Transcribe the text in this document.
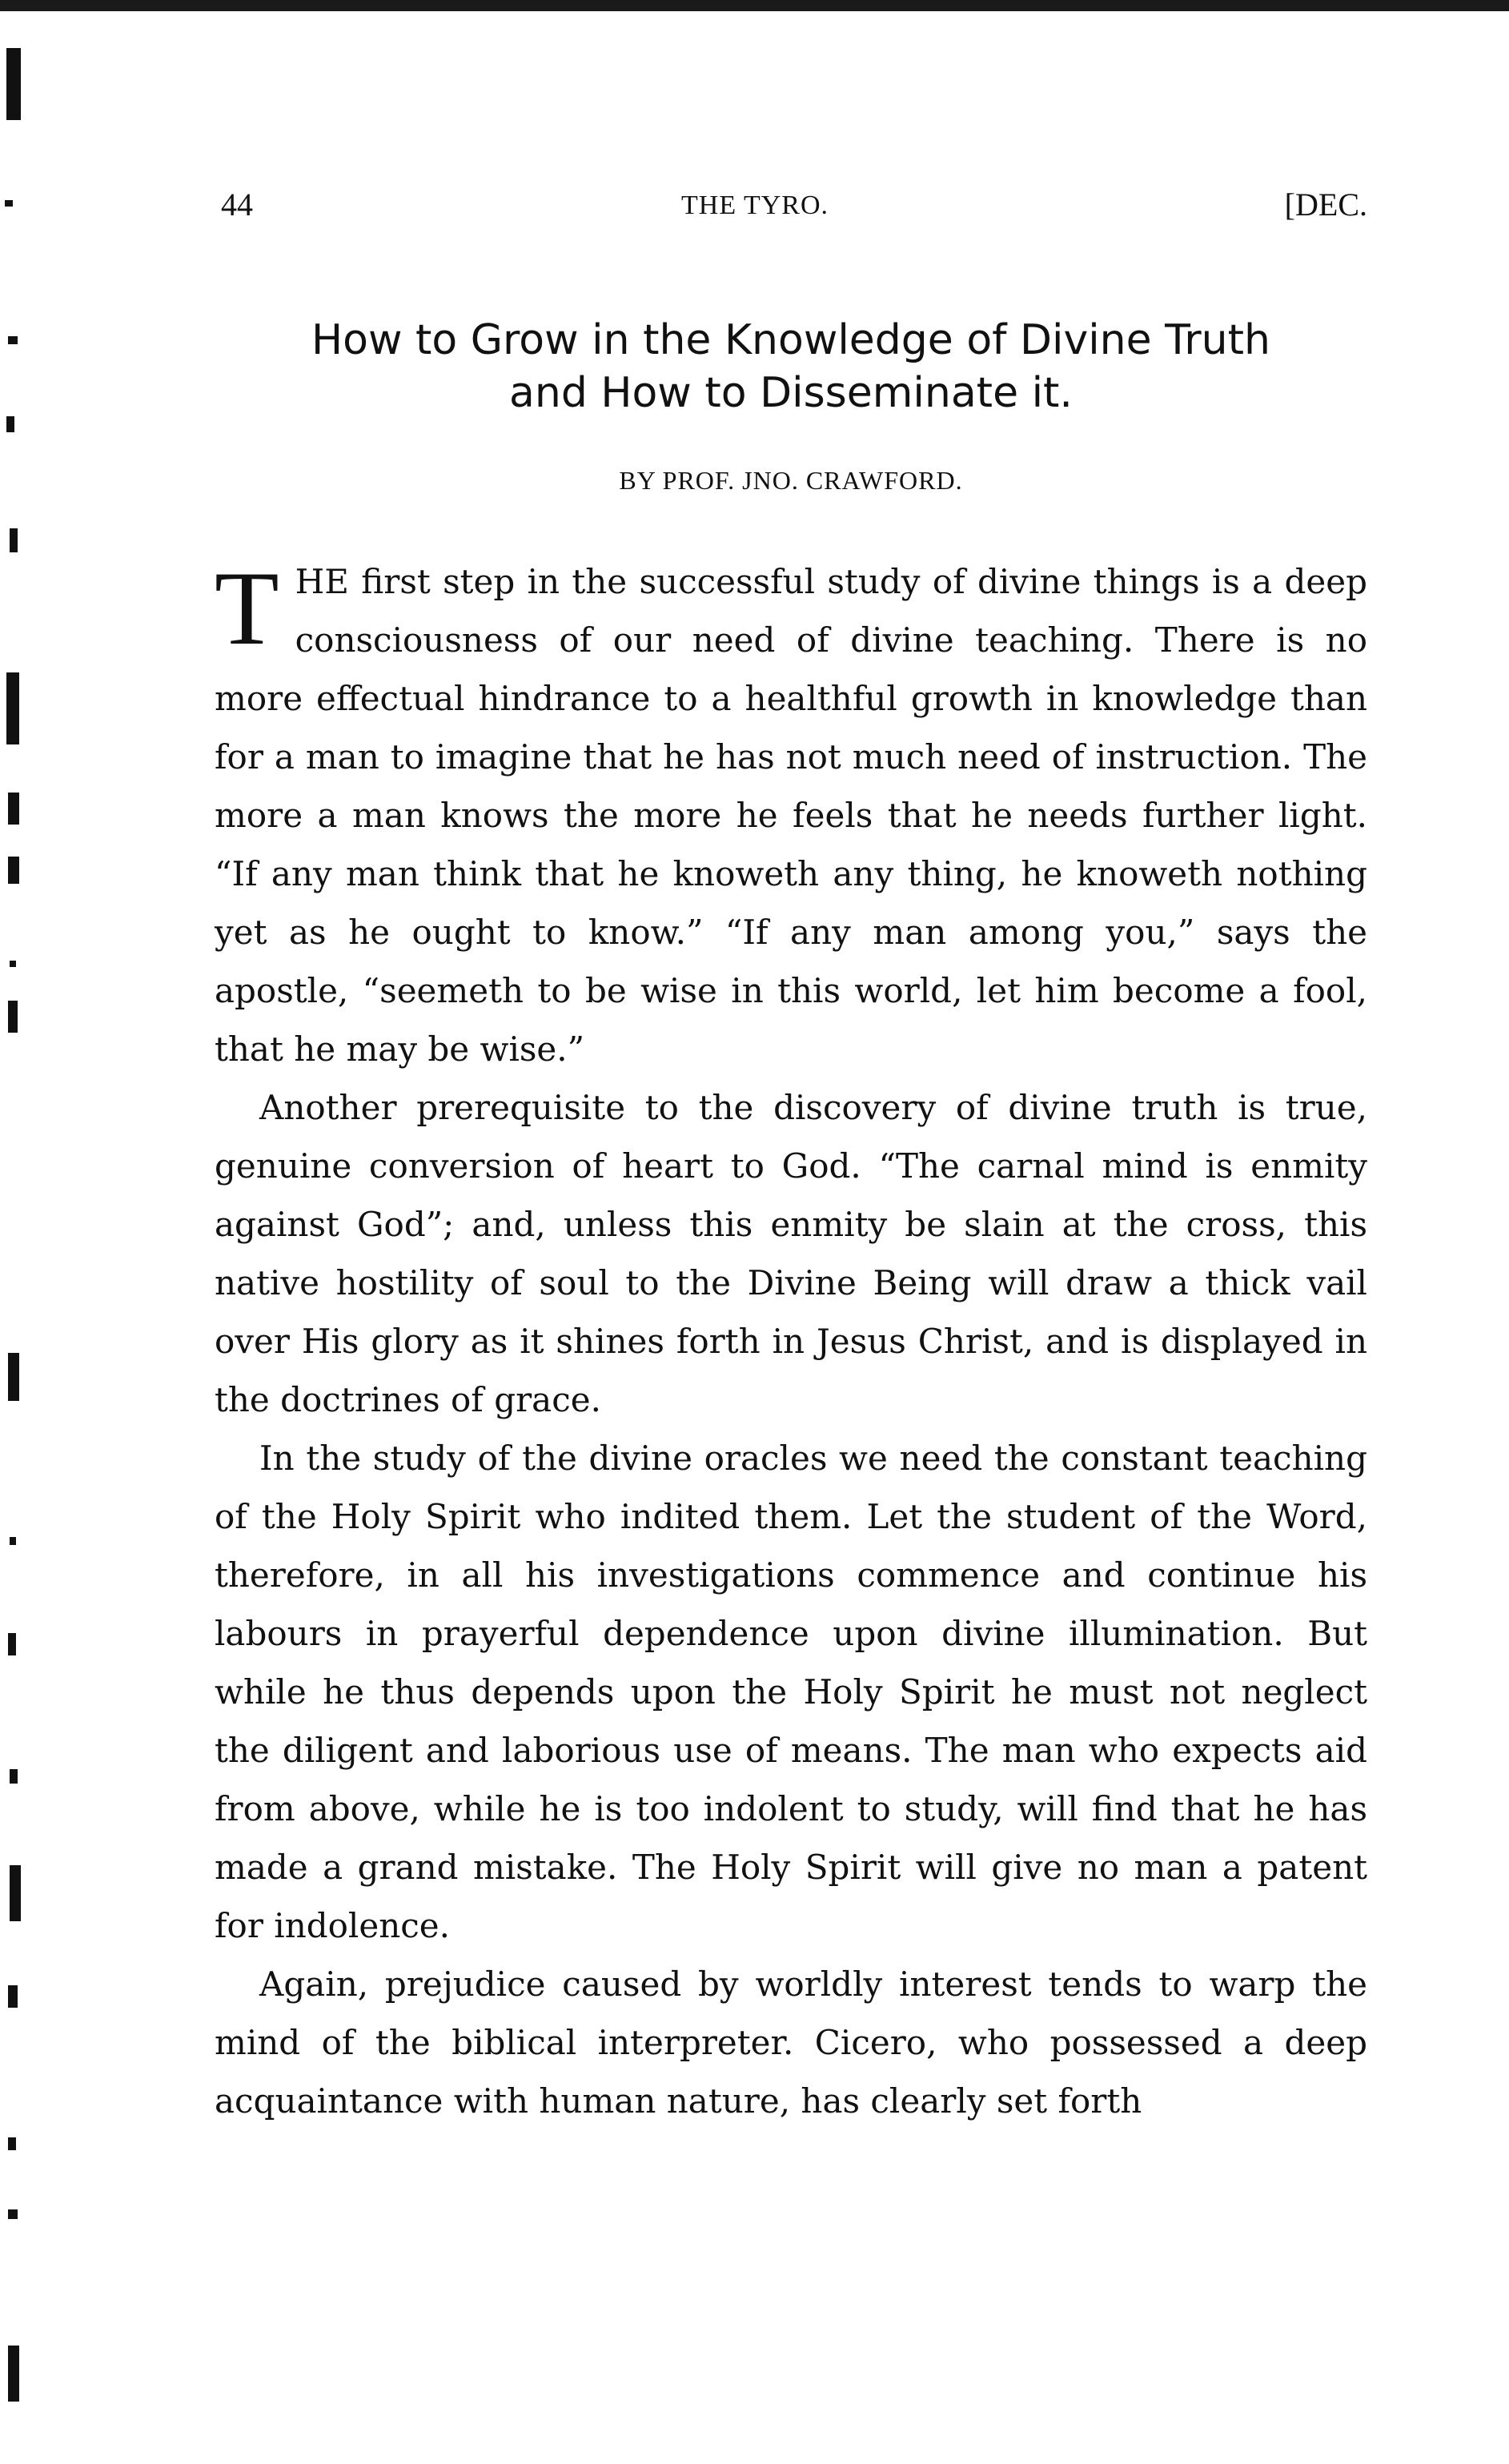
44	THE TYRO.	[DEC.
How to Grow in the Knowledge of Divine Truth
and How to Disseminate it.
BY PROF. JNO. CRAWFORD.

THE first step in the successful study of divine things is a deep consciousness of our need of divine teaching. There is no more effectual hindrance to a healthful growth in knowledge than for a man to imagine that he has not much need of instruction. The more a man knows the more he feels that he needs further light. “If any man think that he knoweth any thing, he knoweth nothing yet as he ought to know.” “If any man among you,” says the apostle, “seemeth to be wise in this world, let him become a fool, that he may be wise.”

Another prerequisite to the discovery of divine truth is true, genuine conversion of heart to God. “The carnal mind is enmity against God”; and, unless this enmity be slain at the cross, this native hostility of soul to the Divine Being will draw a thick vail over His glory as it shines forth in Jesus Christ, and is displayed in the doctrines of grace.

In the study of the divine oracles we need the constant teaching of the Holy Spirit who indited them. Let the student of the Word, therefore, in all his investigations commence and continue his labours in prayerful dependence upon divine illumination. But while he thus depends upon the Holy Spirit he must not neglect the diligent and laborious use of means. The man who expects aid from above, while he is too indolent to study, will find that he has made a grand mistake. The Holy Spirit will give no man a patent for indolence.

Again, prejudice caused by worldly interest tends to warp the mind of the biblical interpreter. Cicero, who possessed a deep acquaintance with human nature, has clearly set forth
